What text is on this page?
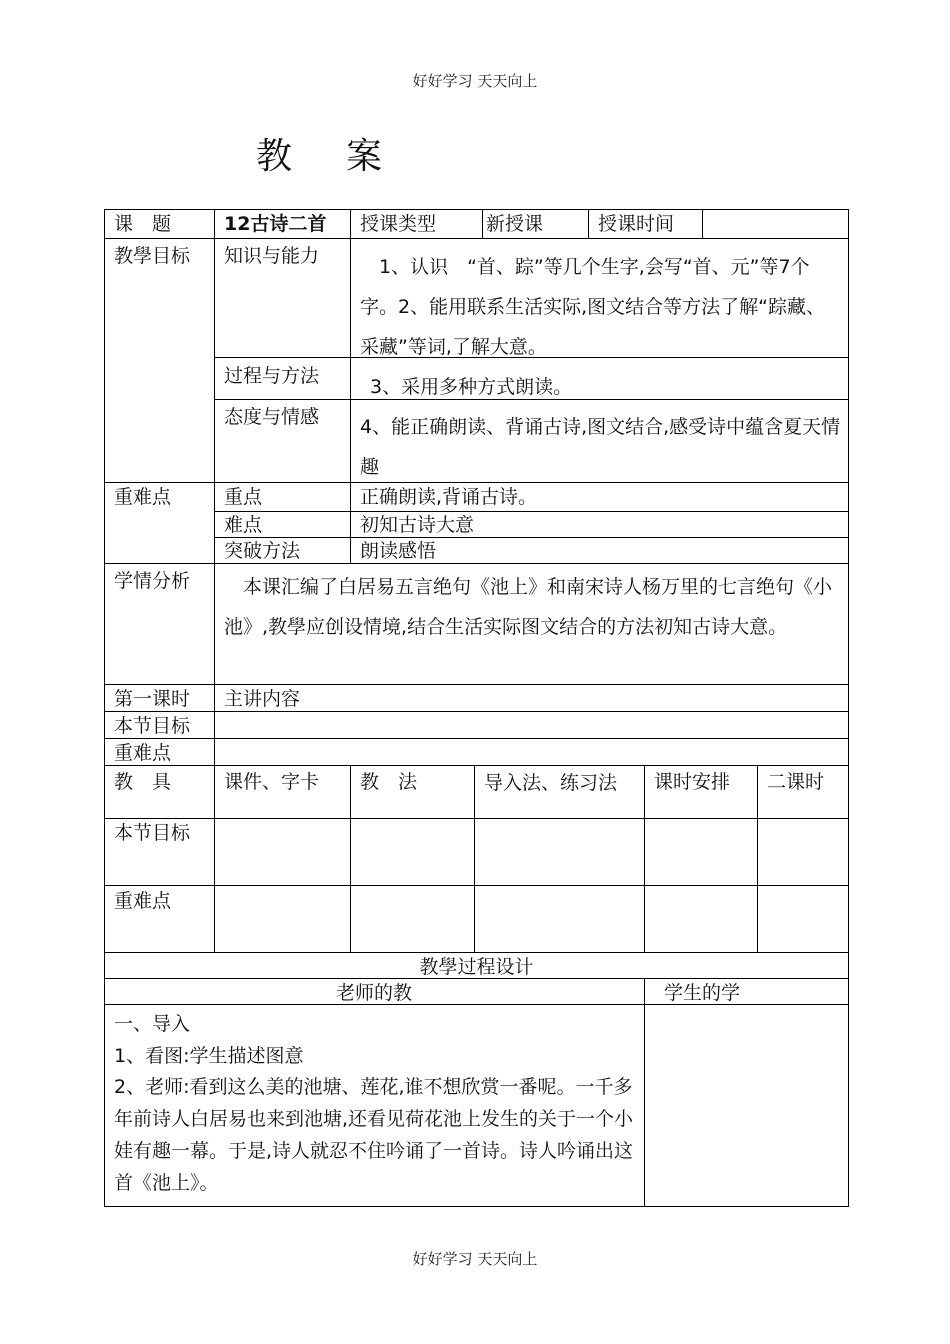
好好学习 天天向上
教 案
课　题	12古诗二首 授课类型	新授课	授课时间
教學目标 知识与能力 　1、认识　“首、踪”等几个生字,会写“首、元”等7个字。2、能用联系生活实际,图文结合等方法了解“踪藏、采藏”等词,了解大意。
过程与方法	3、采用多种方式朗读。
态度与情感 4、能正确朗读、背诵古诗,图文结合,感受诗中蕴含夏天情趣
重难点	重点	正确朗读,背诵古诗。
难点	初知古诗大意
突破方法	朗读感悟
学情分析 　本课汇编了白居易五言绝句《池上》和南宋诗人杨万里的七言绝句《小池》,教學应创设情境,结合生活实际图文结合的方法初知古诗大意。
第一课时 主讲内容
本节目标
重难点
教　具	课件、字卡 教　法	导入法、练习法	课时安排 二课时
本节目标
重难点
教學过程设计
老师的教	学生的学
一、导入
1、看图:学生描述图意
2、老师:看到这么美的池塘、莲花,谁不想欣赏一番呢。一千多年前诗人白居易也来到池塘,还看见荷花池上发生的关于一个小娃有趣一幕。于是,诗人就忍不住吟诵了一首诗。诗人吟诵出这首《池上》。
好好学习 天天向上
